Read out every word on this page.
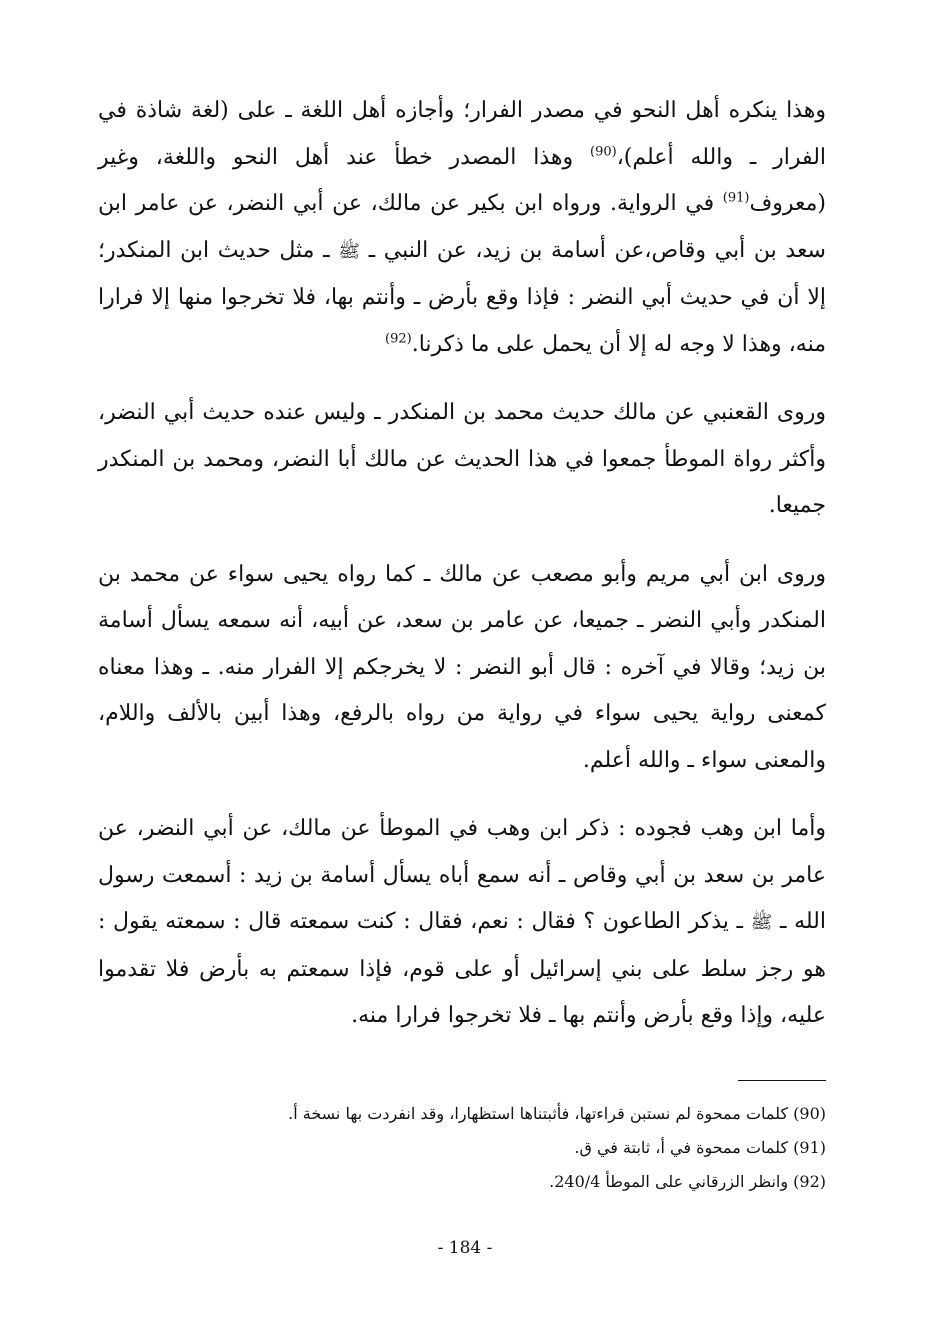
وهذا ينكره أهل النحو في مصدر الفرار؛ وأجازه أهل اللغة ـ على (لغة شاذة في الفرار ـ والله أعلم)،$^{(90)}$ وهذا المصدر خطأ عند أهل النحو واللغة، وغير (معروف$^{(91)}$ في الرواية. ورواه ابن بكير عن مالك، عن أبي النضر، عن عامر ابن سعد بن أبي وقاص،عن أسامة بن زيد، عن النبي ـ ﷺ ـ مثل حديث ابن المنكدر؛ إلا أن في حديث أبي النضر : فإذا وقع بأرض ـ وأنتم بها، فلا تخرجوا منها إلا فرارا منه، وهذا لا وجه له إلا أن يحمل على ما ذكرنا.$^{(92)}$

وروى القعنبي عن مالك حديث محمد بن المنكدر ـ وليس عنده حديث أبي النضر، وأكثر رواة الموطأ جمعوا في هذا الحديث عن مالك أبا النضر، ومحمد بن المنكدر جميعا.

وروى ابن أبي مريم وأبو مصعب عن مالك ـ كما رواه يحيى سواء عن محمد بن المنكدر وأبي النضر ـ جميعا، عن عامر بن سعد، عن أبيه، أنه سمعه يسأل أسامة بن زيد؛ وقالا في آخره : قال أبو النضر : لا يخرجكم إلا الفرار منه. ـ وهذا معناه كمعنى رواية يحيى سواء في رواية من رواه بالرفع، وهذا أبين بالألف واللام، والمعنى سواء ـ والله أعلم.

وأما ابن وهب فجوده : ذكر ابن وهب في الموطأ عن مالك، عن أبي النضر، عن عامر بن سعد بن أبي وقاص ـ أنه سمع أباه يسأل أسامة بن زيد : أسمعت رسول الله ـ ﷺ ـ يذكر الطاعون ؟ فقال : نعم، فقال : كنت سمعته قال : سمعته يقول : هو رجز سلط على بني إسرائيل أو على قوم، فإذا سمعتم به بأرض فلا تقدموا عليه، وإذا وقع بأرض وأنتم بها ـ فلا تخرجوا فرارا منه.

(90) كلمات ممحوة لم نستبن قراءتها، فأثبتناها استظهارا، وقد انفردت بها نسخة أ.

(91) كلمات ممحوة في أ، ثابتة في ق.

(92) وانظر الزرقاني على الموطأ 240/4.

- 184 -
